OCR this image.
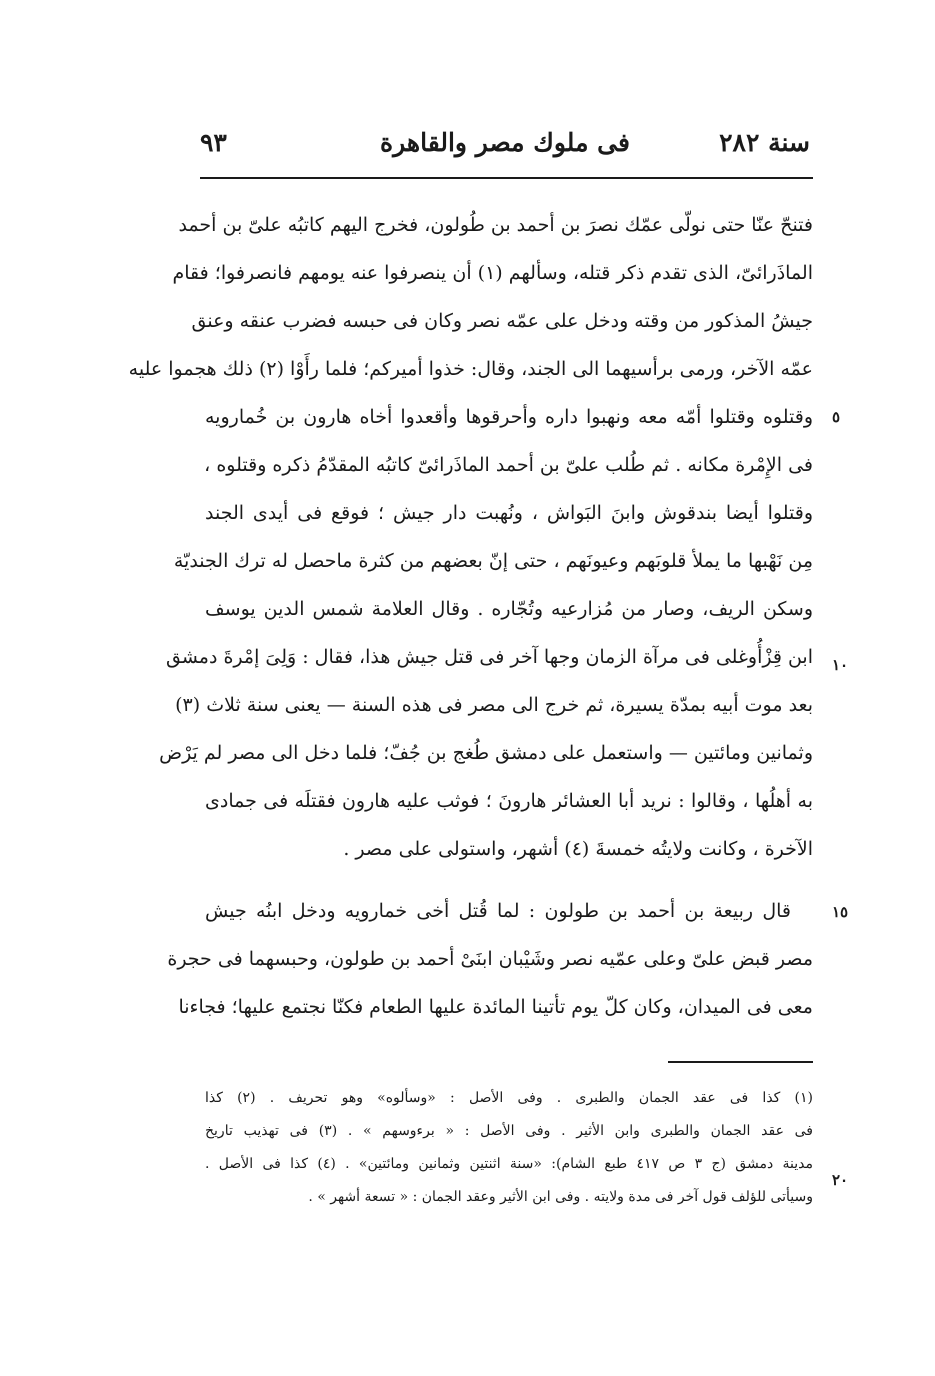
سنة ٢٨٢
فى ملوك مصر والقاهرة
٩٣
٥
١٠
١٥
٢٠
فتنحّ عنّا حتى نولّى عمّك نصرَ بن أحمد بن طُولون، فخرج اليهم كاتبُه علىّ بن أحمد
الماذَرائىّ، الذى تقدم ذكر قتله، وسألهم (١) أن ينصرفوا عنه يومهم فانصرفوا؛ فقام
جيشُ المذكور من وقته ودخل على عمّه نصر وكان فى حبسه فضرب عنقه وعنق
عمّه الآخر، ورمى برأسيهما الى الجند، وقال: خذوا أميركم؛ فلما رأَوْا (٢) ذلك هجموا عليه
وقتلوه وقتلوا أمّه معه ونهبوا داره وأحرقوها وأقعدوا أخاه هارون بن خُمارويه
فى الإِمْرة مكانه . ثم طُلب علىّ بن أحمد الماذَرائىّ كاتبُه المقدّمُ ذكره وقتلوه ،
وقتلوا أيضا بندقوش وابنَ البَواش ، ونُهبت دار جيش ؛ فوقع فى أيدى الجند
مِن نَهْبها ما يملأ قلوبَهم وعيونَهم ، حتى إنّ بعضهم من كثرة ماحصل له ترك الجنديّة
وسكن الريف، وصار من مُزارعيه وتُجّاره . وقال العلامة شمس الدين يوسف
ابن قِزْأُوغلى فى مرآة الزمان وجها آخر فى قتل جيش هذا، فقال : وَلِىَ إمْرةَ دمشق
بعد موت أبيه بمدّة يسيرة، ثم خرج الى مصر فى هذه السنة — يعنى سنة ثلاث (٣)
وثمانين ومائتين — واستعمل على دمشق طُغج بن جُفّ؛ فلما دخل الى مصر لم يَرْض
به أهلُها ، وقالوا : نريد أبا العشائر هارونَ ؛ فوثب عليه هارون فقتلَه فى جمادى
الآخرة ، وكانت ولايتُه خمسةَ (٤) أشهر، واستولى على مصر .
قال ربيعة بن أحمد بن طولون : لما قُتل أخى خمارويه ودخل ابنُه جيش
مصر قبض علىّ وعلى عمّيه نصر وشَيْبان ابنَىْ أحمد بن طولون، وحبسهما فى حجرة
معى فى الميدان، وكان كلّ يوم تأتينا المائدة عليها الطعام فكنّا نجتمع عليها؛ فجاءنا
(١) كذا فى عقد الجمان والطبرى . وفى الأصل : «وسألوه» وهو تحريف . (٢) كذا
فى عقد الجمان والطبرى وابن الأثير . وفى الأصل : « برءوسهم » . (٣) فى تهذيب تاريخ
مدينة دمشق (ج ٣ ص ٤١٧ طبع الشام): «سنة اثنتين وثمانين ومائتين» . (٤) كذا فى الأصل .
وسيأتى للؤلف قول آخر فى مدة ولايته . وفى ابن الأثير وعقد الجمان : « تسعة أشهر » .
